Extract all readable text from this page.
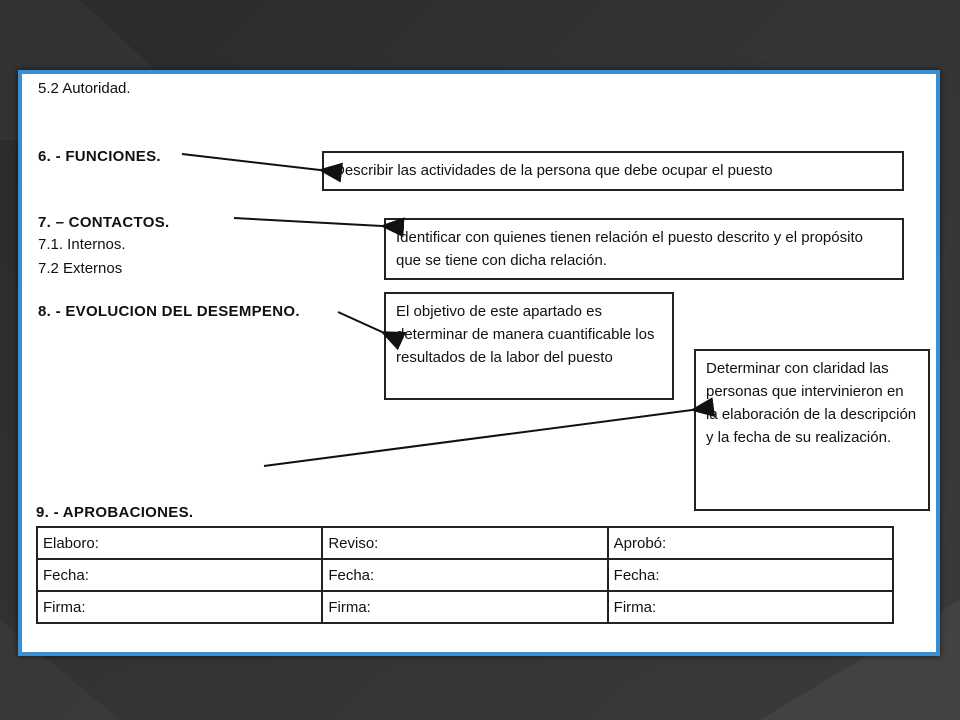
5.2 Autoridad.
6. - FUNCIONES.
7. – CONTACTOS.
7.1. Internos.
7.2 Externos
8. - EVOLUCION DEL DESEMPENO.
9. - APROBACIONES.
Describir las actividades de la persona que debe ocupar el puesto
Identificar con quienes tienen relación el puesto descrito y el propósito que se tiene con dicha relación.
El objetivo de este apartado es determinar de manera cuantificable los resultados de la labor del puesto
Determinar con claridad las personas que intervinieron en la elaboración de la descripción y la fecha de su realización.
Elaboro:	Reviso:	Aprobó:
Fecha:	Fecha:	Fecha:
Firma:	Firma:	Firma:
